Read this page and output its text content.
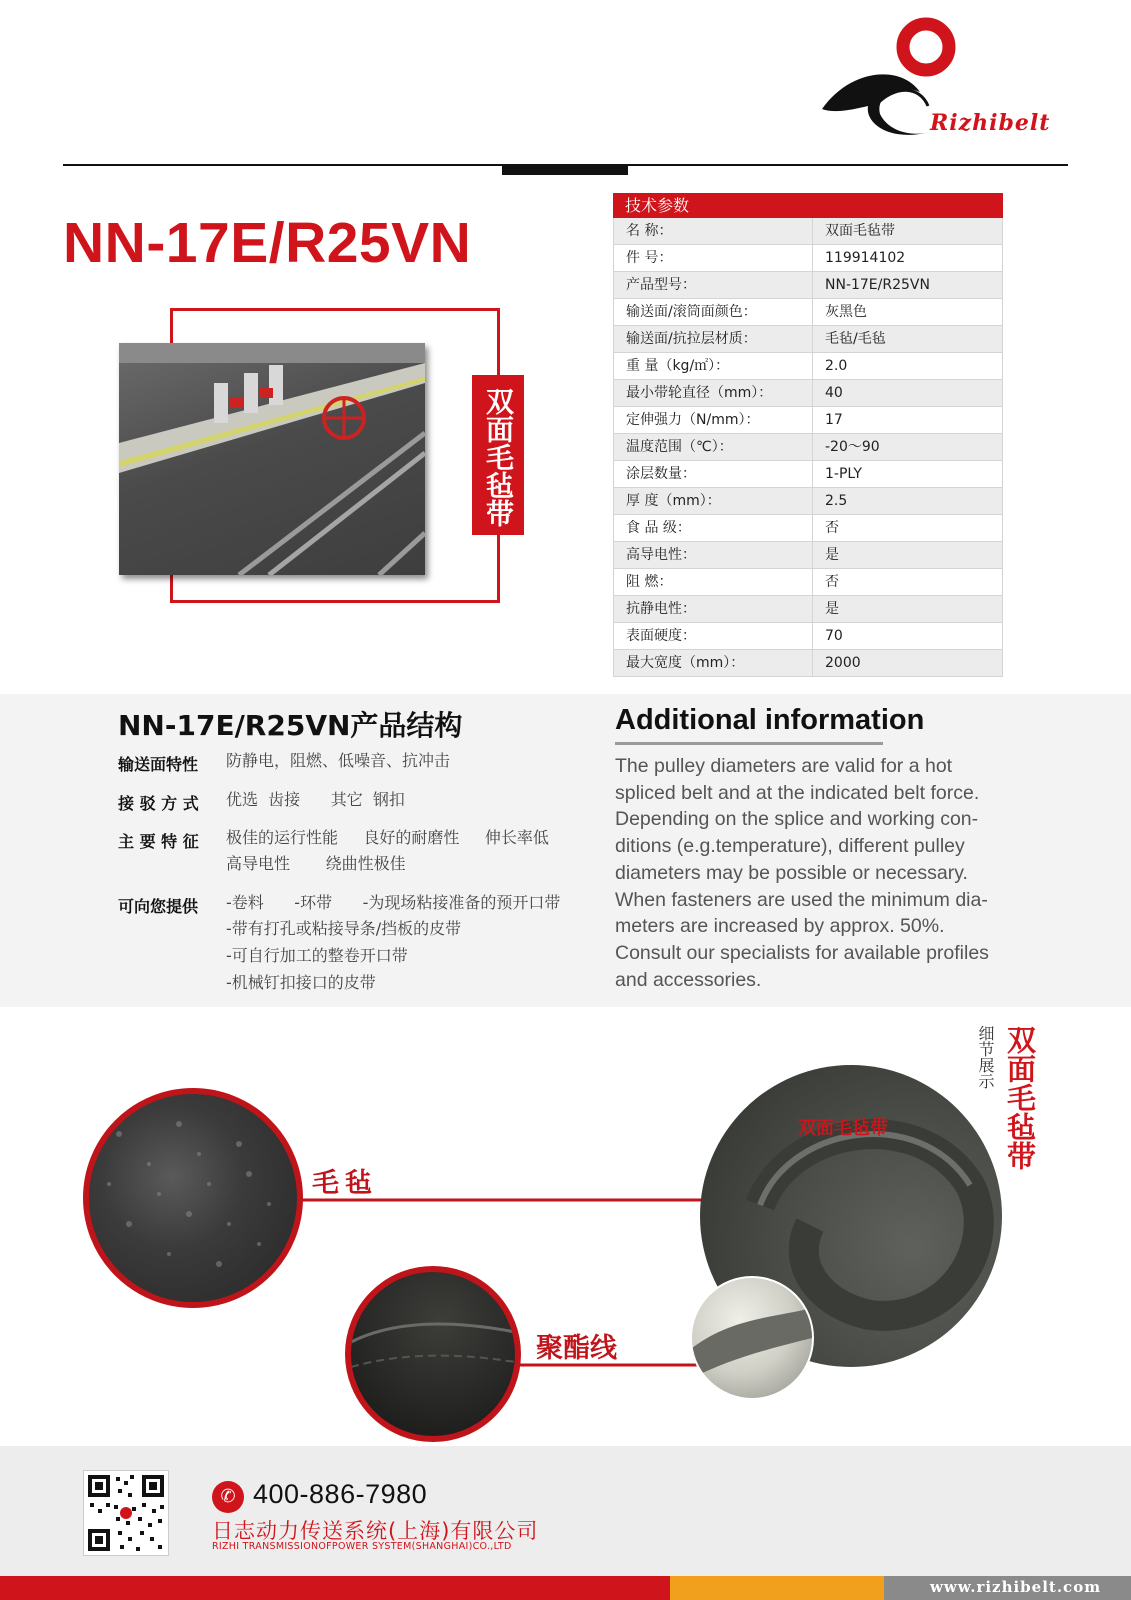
Rizhibelt
NN-17E/R25VN
双面毛毡带
技术参数
名 称：	双面毛毡带
件 号：	119914102
产品型号：	NN-17E/R25VN
输送面/滚筒面颜色：	灰黑色
输送面/抗拉层材质：	毛毡/毛毡
重 量（kg/㎡）：	2.0
最小带轮直径（mm）：	40
定伸强力（N/mm）：	17
温度范围（℃）：	-20～90
涂层数量：	1-PLY
厚 度（mm）：	2.5
食 品 级：	否
高导电性：	是
阻 燃：	否
抗静电性：	是
表面硬度：	70
最大宽度（mm）：	2000
NN-17E/R25VN产品结构
输送面特性 防静电，阻燃、低噪音、抗冲击
接 驳 方 式 优选  齿接      其它  钢扣
主 要 特 征 极佳的运行性能     良好的耐磨性     伸长率低
高导电性       绕曲性极佳
可向您提供 -卷料      -环带      -为现场粘接准备的预开口带
-带有打孔或粘接导条/挡板的皮带
-可自行加工的整卷开口带
-机械钉扣接口的皮带
Additional information
The pulley diameters are valid for a hot
spliced belt and at the indicated belt force.
Depending on the splice and working con-
ditions (e.g.temperature), different pulley
diameters may be possible or necessary.
When fasteners are used the minimum dia-
meters are increased by approx. 50%.
Consult our specialists for available profiles
and accessories.
细节展示 双面毛毡带
毛毡
聚酯线
双面毛毡带
✆ 400-886-7980
日志动力传送系统(上海)有限公司
RIZHI TRANSMISSIONOFPOWER SYSTEM(SHANGHAI)CO.,LTD
www.rizhibelt.com
